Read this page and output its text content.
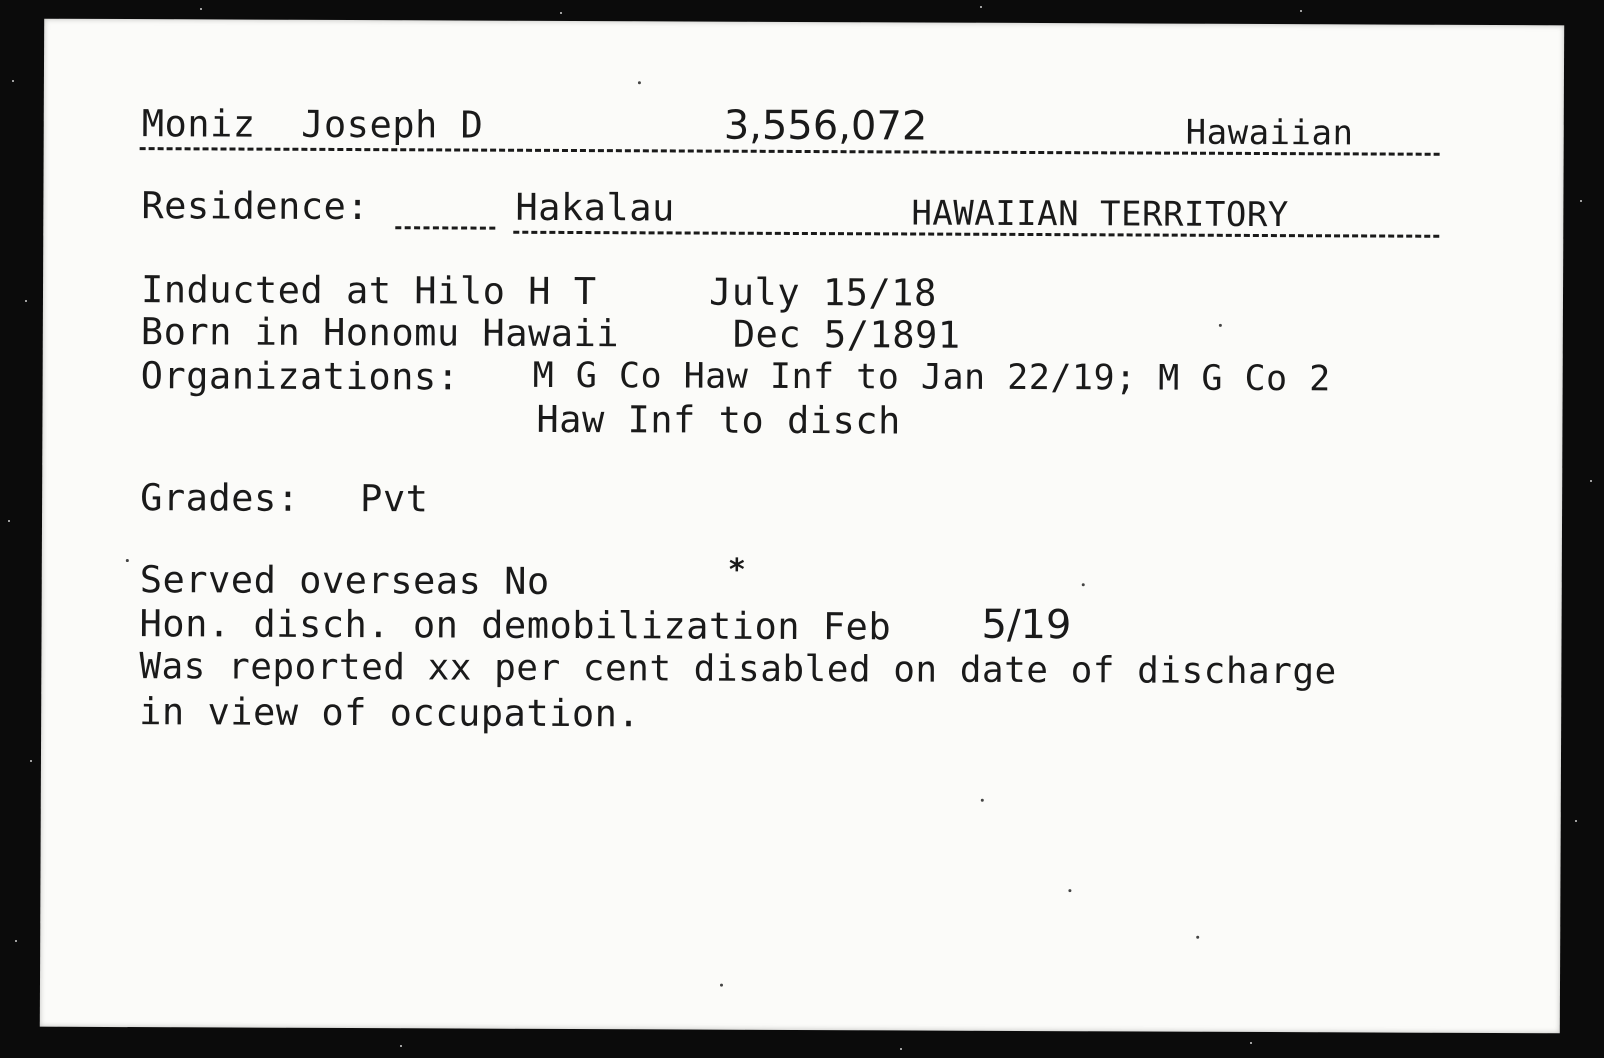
Moniz  Joseph D	3,556,072	Hawaiian
Residence:	Hakalau	HAWAIIAN TERRITORY
Inducted at Hilo H T	July 15/18
Born in Honomu Hawaii	Dec 5/1891
Organizations: M G Co Haw Inf to Jan 22/19; M G Co 2
Haw Inf to disch
Grades: Pvt
Served overseas No	*
Hon. disch. on demobilization Feb 5/19
Was reported xx per cent disabled on date of discharge
in view of occupation.
